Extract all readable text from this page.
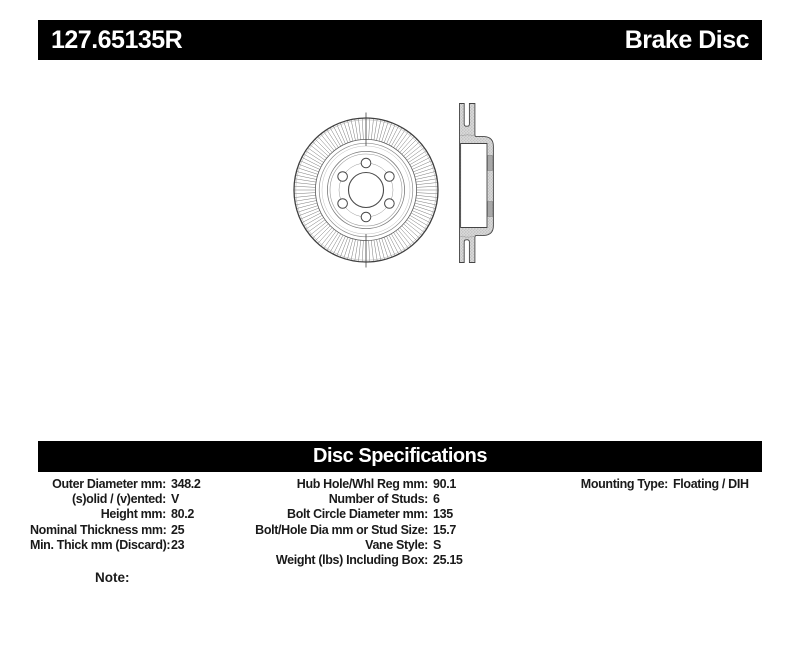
127.65135R	Brake Disc
Disc Specifications
Outer Diameter mm: 348.2
(s)olid / (v)ented: V
Height mm: 80.2
Nominal Thickness mm: 25
Min. Thick mm (Discard): 23
Hub Hole/Whl Reg mm: 90.1
Number of Studs: 6
Bolt Circle Diameter mm: 135
Bolt/Hole Dia mm or Stud Size: 15.7
Vane Style: S
Weight (lbs) Including Box: 25.15
Mounting Type: Floating / DIH
Note:
